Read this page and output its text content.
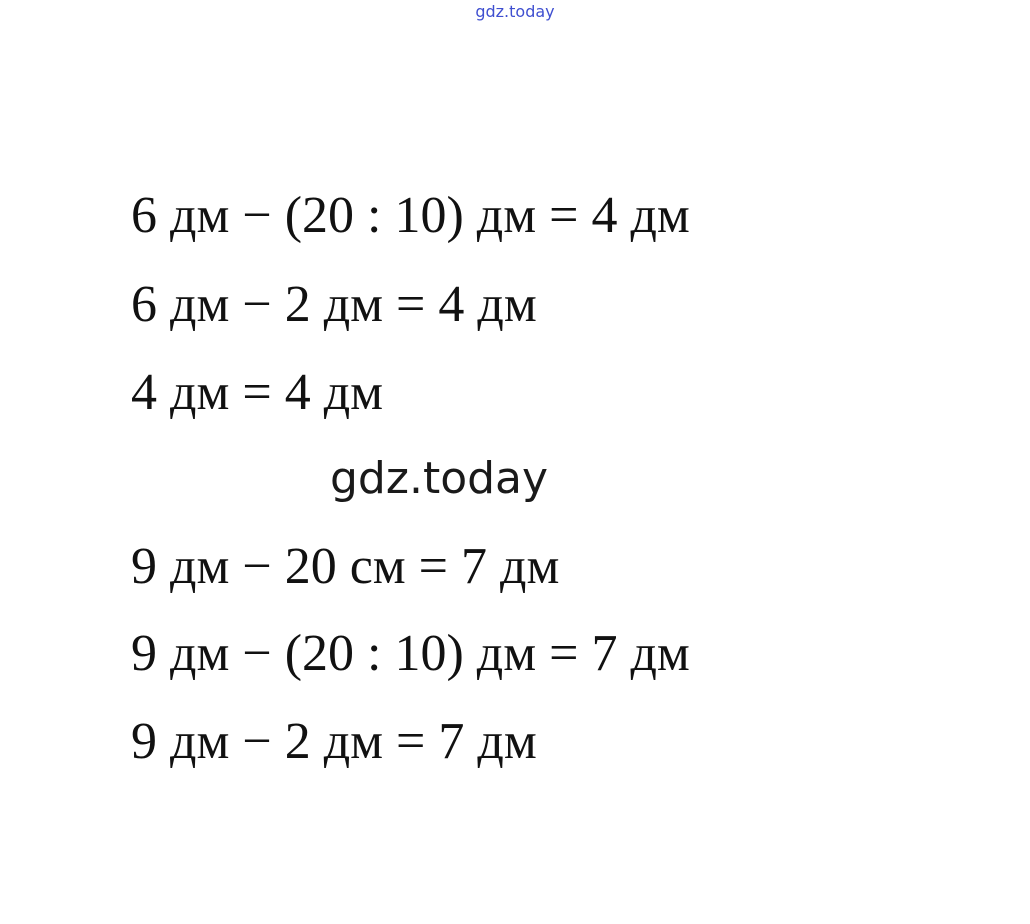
gdz.today
6 дм − (20 : 10) дм = 4 дм
6 дм − 2 дм = 4 дм
4 дм = 4 дм
gdz.today
9 дм − 20 см = 7 дм
9 дм − (20 : 10) дм = 7 дм
9 дм − 2 дм = 7 дм
